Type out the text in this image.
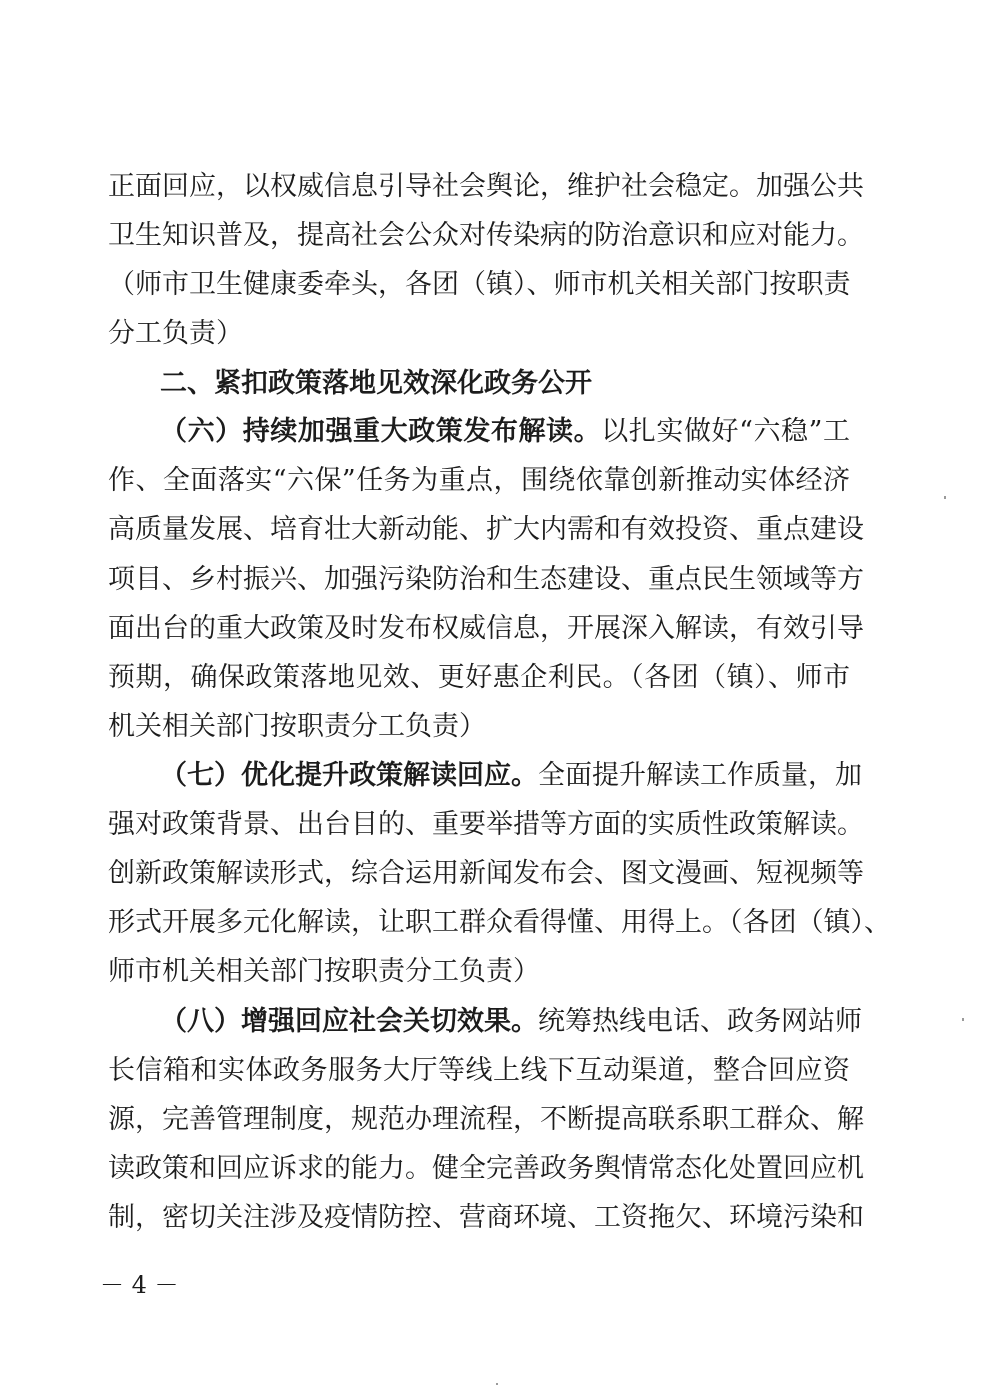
正面回应，以权威信息引导社会舆论，维护社会稳定。加强公共
卫生知识普及，提高社会公众对传染病的防治意识和应对能力。
（师市卫生健康委牵头，各团（镇）、师市机关相关部门按职责
分工负责）
二、紧扣政策落地见效深化政务公开
（六）持续加强重大政策发布解读。以扎实做好“六稳”工
作、全面落实“六保”任务为重点，围绕依靠创新推动实体经济
高质量发展、培育壮大新动能、扩大内需和有效投资、重点建设
项目、乡村振兴、加强污染防治和生态建设、重点民生领域等方
面出台的重大政策及时发布权威信息，开展深入解读，有效引导
预期，确保政策落地见效、更好惠企利民。（各团（镇）、师市
机关相关部门按职责分工负责）
（七）优化提升政策解读回应。全面提升解读工作质量，加
强对政策背景、出台目的、重要举措等方面的实质性政策解读。
创新政策解读形式，综合运用新闻发布会、图文漫画、短视频等
形式开展多元化解读，让职工群众看得懂、用得上。（各团（镇）、
师市机关相关部门按职责分工负责）
（八）增强回应社会关切效果。统筹热线电话、政务网站师
长信箱和实体政务服务大厅等线上线下互动渠道，整合回应资
源，完善管理制度，规范办理流程，不断提高联系职工群众、解
读政策和回应诉求的能力。健全完善政务舆情常态化处置回应机
制，密切关注涉及疫情防控、营商环境、工资拖欠、环境污染和
－ 4 －
